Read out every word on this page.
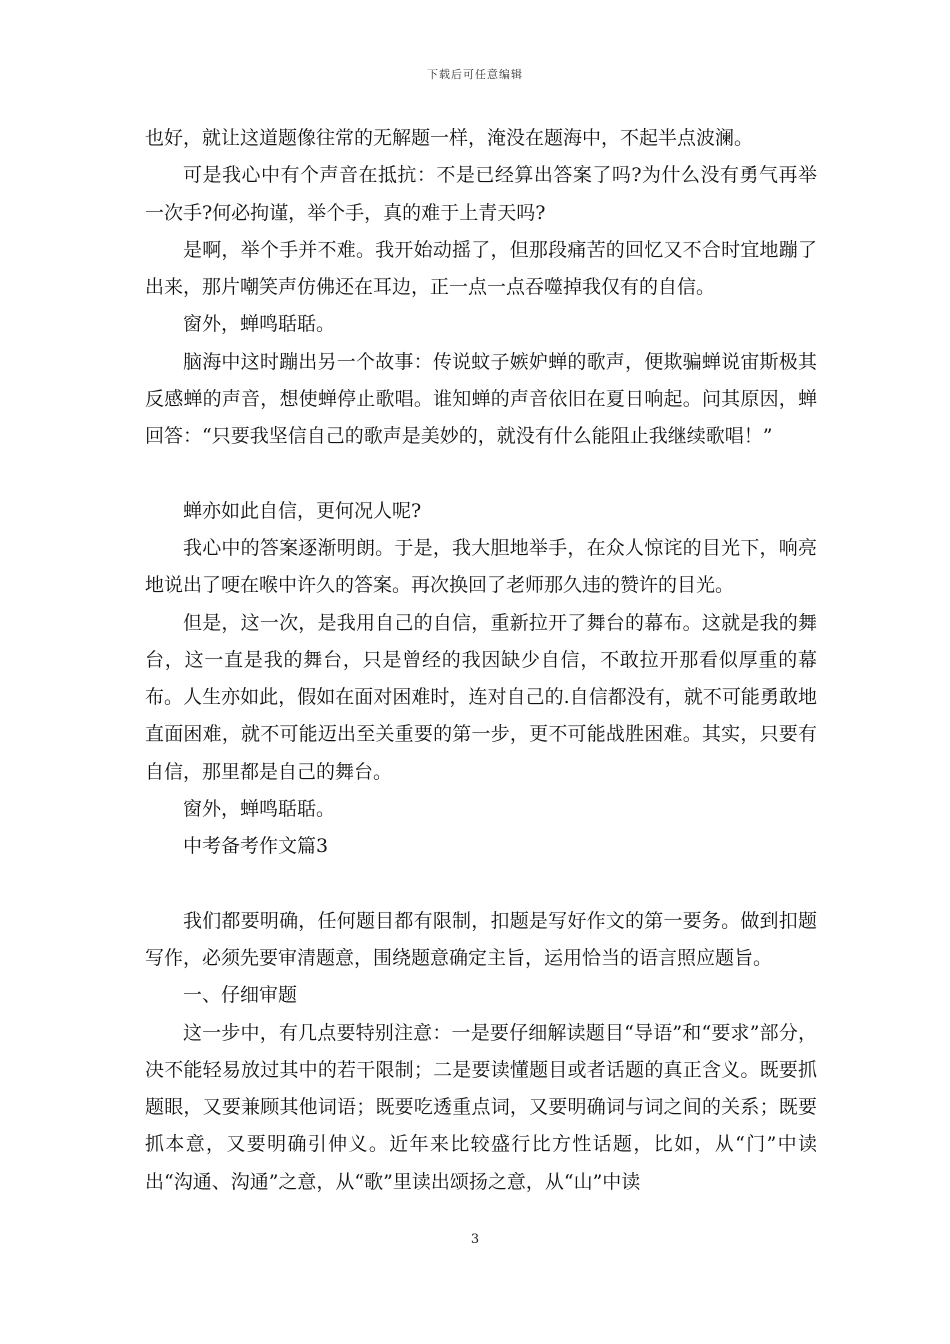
下载后可任意编辑

也好，就让这道题像往常的无解题一样，淹没在题海中，不起半点波澜。

可是我心中有个声音在抵抗：不是已经算出答案了吗?为什么没有勇气再举一次手?何必拘谨，举个手，真的难于上青天吗?

是啊，举个手并不难。我开始动摇了，但那段痛苦的回忆又不合时宜地蹦了出来，那片嘲笑声仿佛还在耳边，正一点一点吞噬掉我仅有的自信。

窗外，蝉鸣聒聒。

脑海中这时蹦出另一个故事：传说蚊子嫉妒蝉的歌声，便欺骗蝉说宙斯极其反感蝉的声音，想使蝉停止歌唱。谁知蝉的声音依旧在夏日响起。问其原因，蝉回答：“只要我坚信自己的歌声是美妙的，就没有什么能阻止我继续歌唱！”

蝉亦如此自信，更何况人呢?

我心中的答案逐渐明朗。于是，我大胆地举手，在众人惊诧的目光下，响亮地说出了哽在喉中许久的答案。再次换回了老师那久违的赞许的目光。

但是，这一次，是我用自己的自信，重新拉开了舞台的幕布。这就是我的舞台，这一直是我的舞台，只是曾经的我因缺少自信，不敢拉开那看似厚重的幕布。人生亦如此，假如在面对困难时，连对自己的.自信都没有，就不可能勇敢地直面困难，就不可能迈出至关重要的第一步，更不可能战胜困难。其实，只要有自信，那里都是自己的舞台。

窗外，蝉鸣聒聒。

中考备考作文篇3

我们都要明确，任何题目都有限制，扣题是写好作文的第一要务。做到扣题写作，必须先要审清题意，围绕题意确定主旨，运用恰当的语言照应题旨。

一、仔细审题

这一步中，有几点要特别注意：一是要仔细解读题目“导语”和“要求”部分，决不能轻易放过其中的若干限制；二是要读懂题目或者话题的真正含义。既要抓题眼，又要兼顾其他词语；既要吃透重点词，又要明确词与词之间的关系；既要抓本意，又要明确引伸义。近年来比较盛行比方性话题，比如，从“门”中读出“沟通、沟通”之意，从“歌”里读出颂扬之意，从“山”中读

3
